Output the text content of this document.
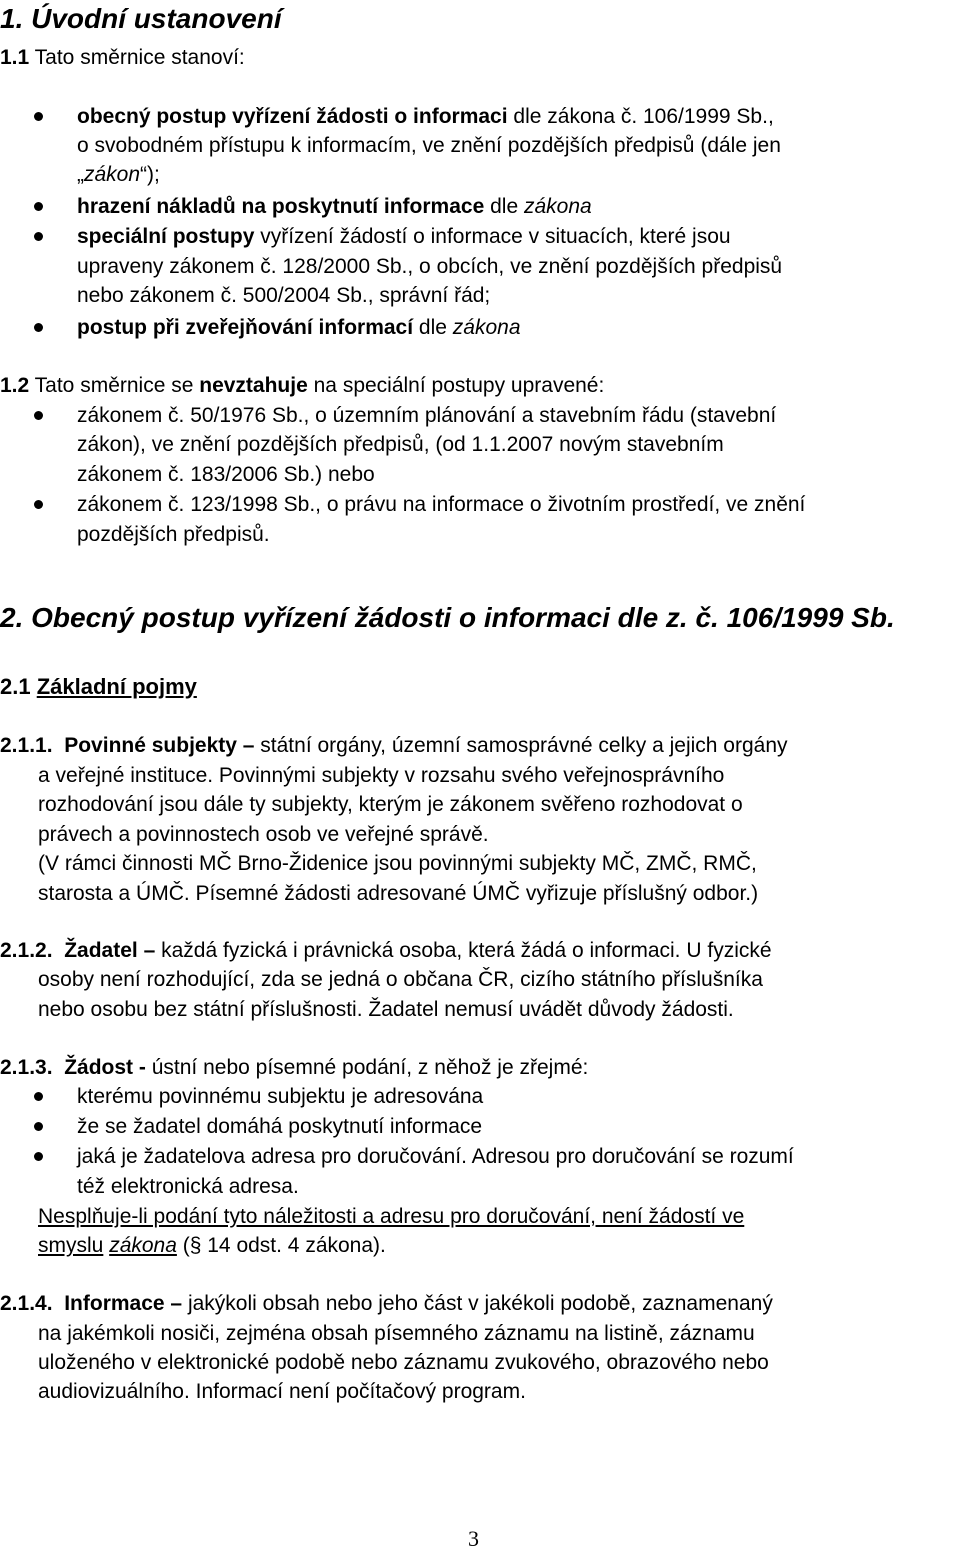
1. Úvodní ustanovení
1.1 Tato směrnice stanoví:
obecný postup vyřízení žádosti o informaci dle zákona č. 106/1999 Sb.,
o svobodném přístupu k informacím, ve znění pozdějších předpisů (dále jen
„zákon“);
hrazení nákladů na poskytnutí informace dle zákona
speciální postupy vyřízení žádostí o informace v situacích, které jsou
upraveny zákonem č. 128/2000 Sb., o obcích, ve znění pozdějších předpisů
nebo zákonem č. 500/2004 Sb., správní řád;
postup při zveřejňování informací dle zákona
1.2 Tato směrnice se nevztahuje na speciální postupy upravené:
zákonem č. 50/1976 Sb., o územním plánování a stavebním řádu (stavební
zákon), ve znění pozdějších předpisů, (od 1.1.2007 novým stavebním
zákonem č. 183/2006 Sb.) nebo
zákonem č. 123/1998 Sb., o právu na informace o životním prostředí, ve znění
pozdějších předpisů.
2. Obecný postup vyřízení žádosti o informaci dle z. č. 106/1999 Sb.
2.1 Základní pojmy
2.1.1. Povinné subjekty – státní orgány, územní samosprávné celky a jejich orgány
a veřejné instituce. Povinnými subjekty v rozsahu svého veřejnosprávního
rozhodování jsou dále ty subjekty, kterým je zákonem svěřeno rozhodovat o
právech a povinnostech osob ve veřejné správě.
(V rámci činnosti MČ Brno-Židenice jsou povinnými subjekty MČ, ZMČ, RMČ,
starosta a ÚMČ. Písemné žádosti adresované ÚMČ vyřizuje příslušný odbor.)
2.1.2. Žadatel – každá fyzická i právnická osoba, která žádá o informaci. U fyzické
osoby není rozhodující, zda se jedná o občana ČR, cizího státního příslušníka
nebo osobu bez státní příslušnosti. Žadatel nemusí uvádět důvody žádosti.
2.1.3. Žádost - ústní nebo písemné podání, z něhož je zřejmé:
kterému povinnému subjektu je adresována
že se žadatel domáhá poskytnutí informace
jaká je žadatelova adresa pro doručování. Adresou pro doručování se rozumí
též elektronická adresa.
Nesplňuje-li podání tyto náležitosti a adresu pro doručování, není žádostí ve
smyslu zákona (§ 14 odst. 4 zákona).
2.1.4. Informace – jakýkoli obsah nebo jeho část v jakékoli podobě, zaznamenaný
na jakémkoli nosiči, zejména obsah písemného záznamu na listině, záznamu
uloženého v elektronické podobě nebo záznamu zvukového, obrazového nebo
audiovizuálního. Informací není počítačový program.
3
